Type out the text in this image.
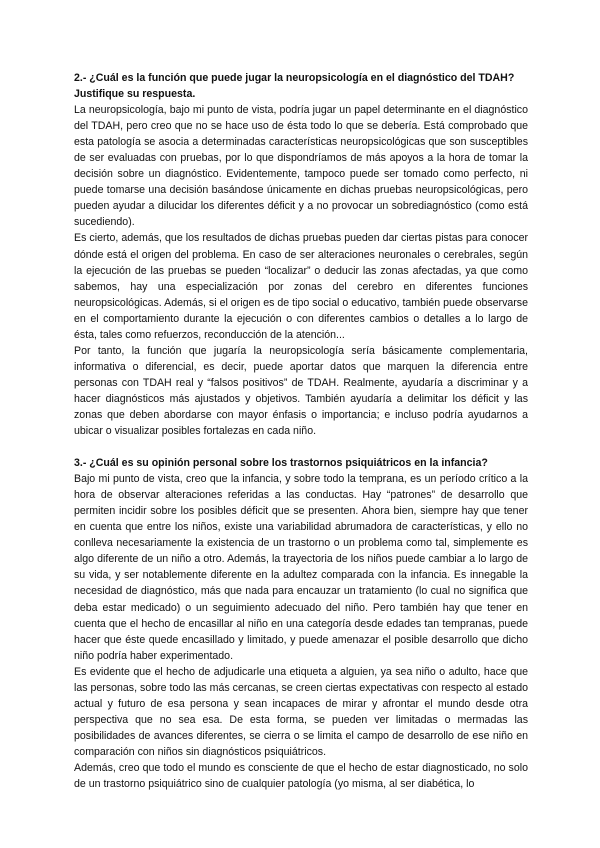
2.- ¿Cuál es la función que puede jugar la neuropsicología en el diagnóstico del TDAH? Justifique su respuesta.

La neuropsicología, bajo mi punto de vista, podría jugar un papel determinante en el diagnóstico del TDAH, pero creo que no se hace uso de ésta todo lo que se debería. Está comprobado que esta patología se asocia a determinadas características neuropsicológicas que son susceptibles de ser evaluadas con pruebas, por lo que dispondríamos de más apoyos a la hora de tomar la decisión sobre un diagnóstico. Evidentemente, tampoco puede ser tomado como perfecto, ni puede tomarse una decisión basándose únicamente en dichas pruebas neuropsicológicas, pero pueden ayudar a dilucidar los diferentes déficit y a no provocar un sobrediagnóstico (como está sucediendo).

Es cierto, además, que los resultados de dichas pruebas pueden dar ciertas pistas para conocer dónde está el origen del problema. En caso de ser alteraciones neuronales o cerebrales, según la ejecución de las pruebas se pueden “localizar” o deducir las zonas afectadas, ya que como sabemos, hay una especialización por zonas del cerebro en diferentes funciones neuropsicológicas. Además, si el origen es de tipo social o educativo, también puede observarse en el comportamiento durante la ejecución o con diferentes cambios o detalles a lo largo de ésta, tales como refuerzos, reconducción de la atención...

Por tanto, la función que jugaría la neuropsicología sería básicamente complementaria, informativa o diferencial, es decir, puede aportar datos que marquen la diferencia entre personas con TDAH real y “falsos positivos” de TDAH. Realmente, ayudaría a discriminar y a hacer diagnósticos más ajustados y objetivos. También ayudaría a delimitar los déficit y las zonas que deben abordarse con mayor énfasis o importancia; e incluso podría ayudarnos a ubicar o visualizar posibles fortalezas en cada niño.

3.- ¿Cuál es su opinión personal sobre los trastornos psiquiátricos en la infancia?

Bajo mi punto de vista, creo que la infancia, y sobre todo la temprana, es un período crítico a la hora de observar alteraciones referidas a las conductas. Hay “patrones” de desarrollo que permiten incidir sobre los posibles déficit que se presenten. Ahora bien, siempre hay que tener en cuenta que entre los niños, existe una variabilidad abrumadora de características, y ello no conlleva necesariamente la existencia de un trastorno o un problema como tal, simplemente es algo diferente de un niño a otro. Además, la trayectoria de los niños puede cambiar a lo largo de su vida, y ser notablemente diferente en la adultez comparada con la infancia. Es innegable la necesidad de diagnóstico, más que nada para encauzar un tratamiento (lo cual no significa que deba estar medicado) o un seguimiento adecuado del niño. Pero también hay que tener en cuenta que el hecho de encasillar al niño en una categoría desde edades tan tempranas, puede hacer que éste quede encasillado y limitado, y puede amenazar el posible desarrollo que dicho niño podría haber experimentado.

Es evidente que el hecho de adjudicarle una etiqueta a alguien, ya sea niño o adulto, hace que las personas, sobre todo las más cercanas, se creen ciertas expectativas con respecto al estado actual y futuro de esa persona y sean incapaces de mirar y afrontar el mundo desde otra perspectiva que no sea esa. De esta forma, se pueden ver limitadas o mermadas las posibilidades de avances diferentes, se cierra o se limita el campo de desarrollo de ese niño en comparación con niños sin diagnósticos psiquiátricos.

Además, creo que todo el mundo es consciente de que el hecho de estar diagnosticado, no solo de un trastorno psiquiátrico sino de cualquier patología (yo misma, al ser diabética, lo
